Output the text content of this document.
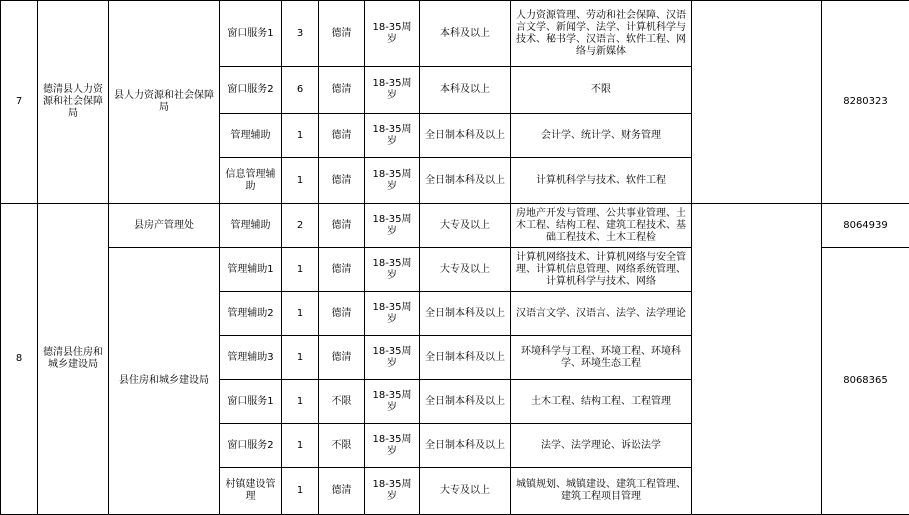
7	德清县人力资源和社会保障局	县人力资源和社会保障局	窗口服务1	3	德清	18-35周岁	本科及以上	人力资源管理、劳动和社会保障、汉语言文学、新闻学、法学、计算机科学与技术、秘书学、汉语言、软件工程、网络与新媒体		8280323
			窗口服务2	6	德清	18-35周岁	本科及以上	不限		
			管理辅助	1	德清	18-35周岁	全日制本科及以上	会计学、统计学、财务管理		
			信息管理辅助	1	德清	18-35周岁	全日制本科及以上	计算机科学与技术、软件工程		
8	德清县住房和城乡建设局	县房产管理处	管理辅助	2	德清	18-35周岁	大专及以上	房地产开发与管理、公共事业管理、土木工程、结构工程、建筑工程技术、基础工程技术、土木工程检		8064939
		县住房和城乡建设局	管理辅助1	1	德清	18-35周岁	大专及以上	计算机网络技术、计算机网络与安全管理、计算机信息管理、网络系统管理、计算机科学与技术、网络		8068365
			管理辅助2	1	德清	18-35周岁	全日制本科及以上	汉语言文学、汉语言、法学、法学理论		
			管理辅助3	1	德清	18-35周岁	全日制本科及以上	环境科学与工程、环境工程、环境科学、环境生态工程		
			窗口服务1	1	不限	18-35周岁	全日制本科及以上	土木工程、结构工程、工程管理		
			窗口服务2	1	不限	18-35周岁	全日制本科及以上	法学、法学理论、诉讼法学		
			村镇建设管理	1	德清	18-35周岁	大专及以上	城镇规划、城镇建设、建筑工程管理、建筑工程项目管理		
